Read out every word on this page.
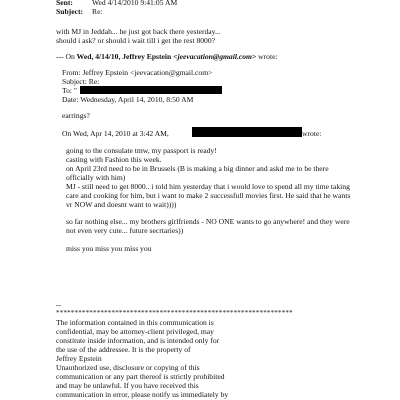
Sent:	Wed 4/14/2010 9:41:05 AM
Subject: Re:
with MJ in Jeddah... he just got back there yesterday...
should i ask? or should i wait till i get the rest 8000?
--- On Wed, 4/14/10, Jeffrey Epstein <jeevacation@gmail.com> wrote:
From: Jeffrey Epstein <jeevacation@gmail.com>
Subject: Re:
To: "
Date: Wednesday, April 14, 2010, 8:50 AM
earrings?
On Wed, Apr 14, 2010 at 3:42 AM,	wrote:
going to the consulate tmw, my passport is ready!
casting with Fashion this week.
on April 23rd need to be in Brussels (B is making a big dinner and askd me to be there
officially with him)
MJ - still need to get 8000.. i told him yesterday that i would love to spend all my time taking
care and cooking for him, but i want to make 2 successfull movies first. He said that he wants
vr NOW and doesnt want to wait))))
so far nothing else... my brothers girlfriends - NO ONE wants to go anywhere! and they were
not even very cute... future secrtaries))
miss you miss you miss you
--
****************************************************************
The information contained in this communication is
confidential, may be attorney-client privileged, may
constitute inside information, and is intended only for
the use of the addressee. It is the property of
Jeffrey Epstein
Unauthorized use, disclosure or copying of this
communication or any part thereof is strictly prohibited
and may be unlawful. If you have received this
communication in error, please notify us immediately by
